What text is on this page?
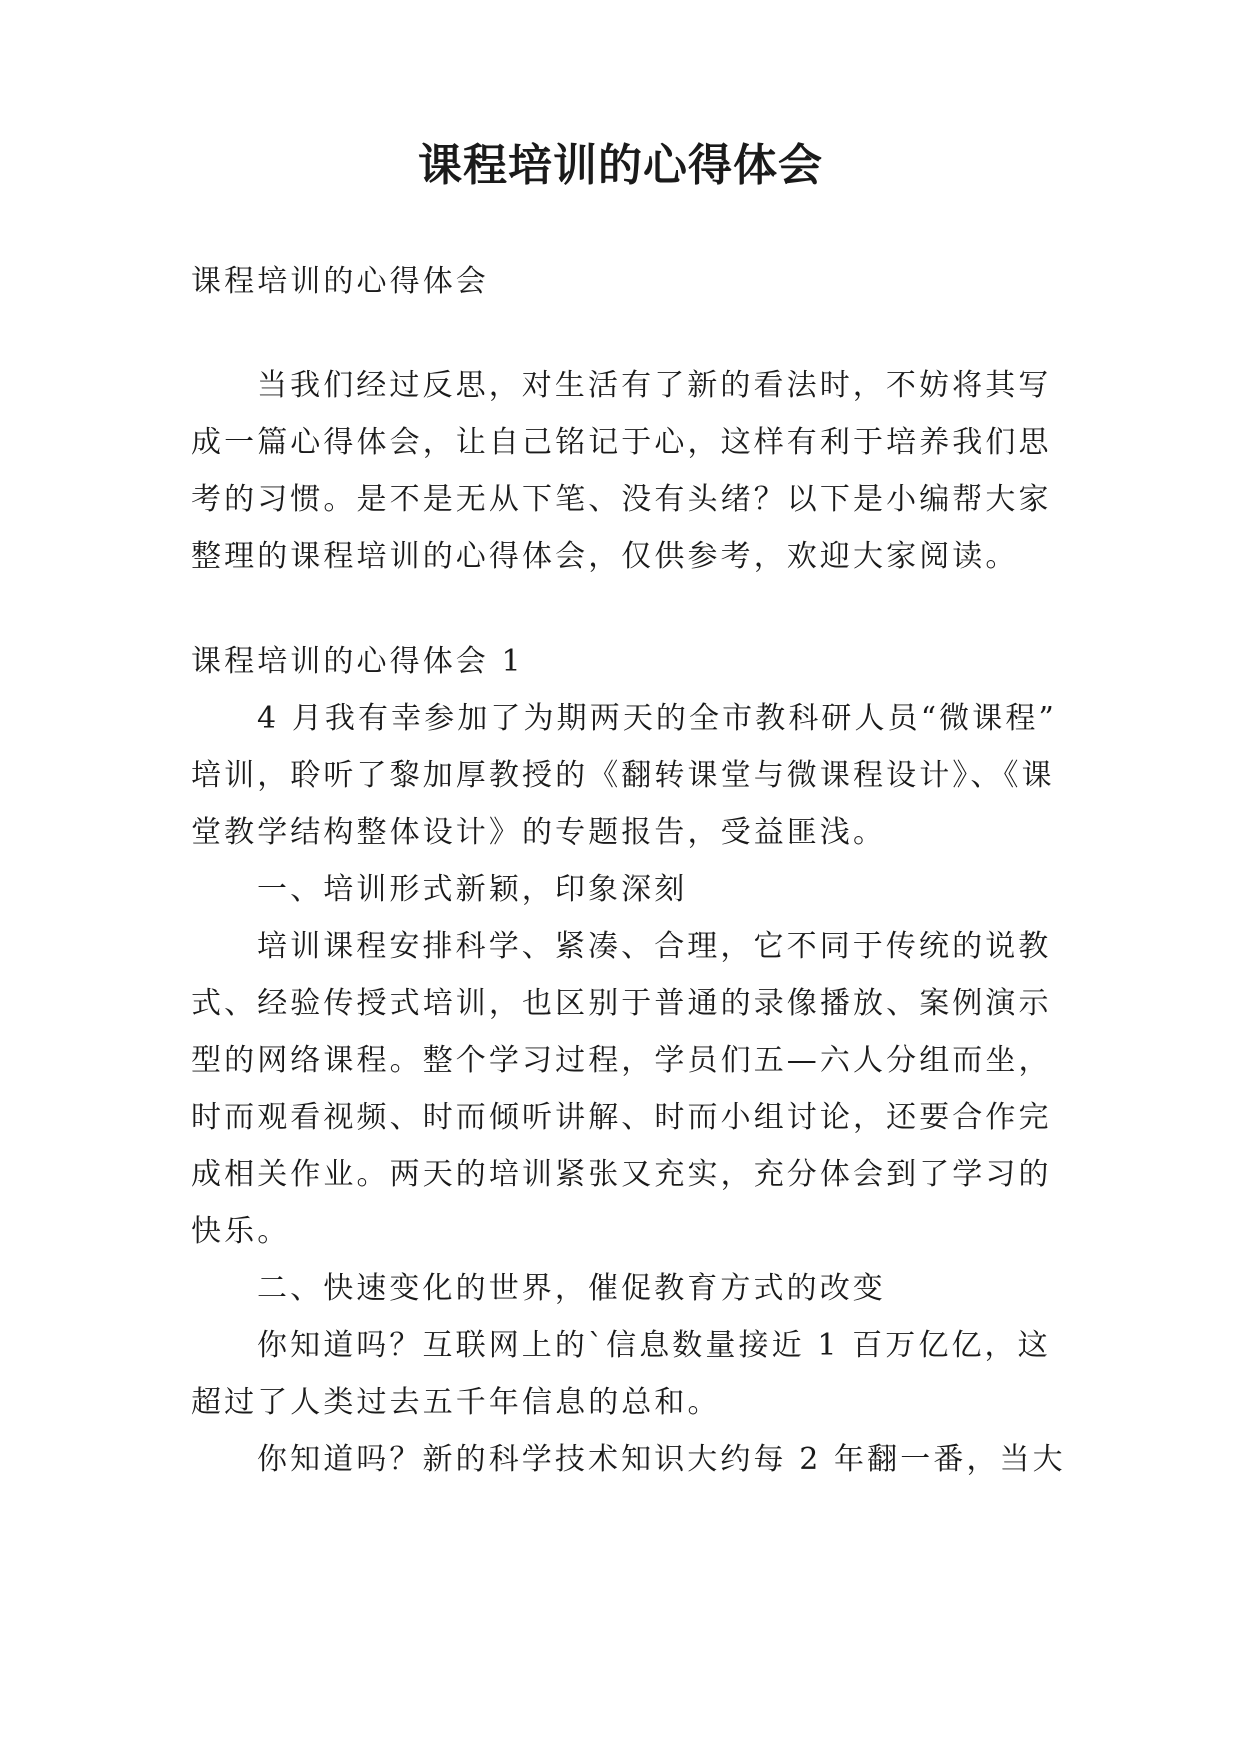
课程培训的心得体会
课程培训的心得体会
当我们经过反思，对生活有了新的看法时，不妨将其写
成一篇心得体会，让自己铭记于心，这样有利于培养我们思
考的习惯。是不是无从下笔、没有头绪？以下是小编帮大家
整理的课程培训的心得体会，仅供参考，欢迎大家阅读。
课程培训的心得体会 1
4 月我有幸参加了为期两天的全市教科研人员“微课程”
培训，聆听了黎加厚教授的《翻转课堂与微课程设计》、《课
堂教学结构整体设计》的专题报告，受益匪浅。
一、培训形式新颖，印象深刻
培训课程安排科学、紧凑、合理，它不同于传统的说教
式、经验传授式培训，也区别于普通的录像播放、案例演示
型的网络课程。整个学习过程，学员们五—六人分组而坐，
时而观看视频、时而倾听讲解、时而小组讨论，还要合作完
成相关作业。两天的培训紧张又充实，充分体会到了学习的
快乐。
二、快速变化的世界，催促教育方式的改变
你知道吗？互联网上的`信息数量接近 1 百万亿亿，这
超过了人类过去五千年信息的总和。
你知道吗？新的科学技术知识大约每 2 年翻一番，当大
